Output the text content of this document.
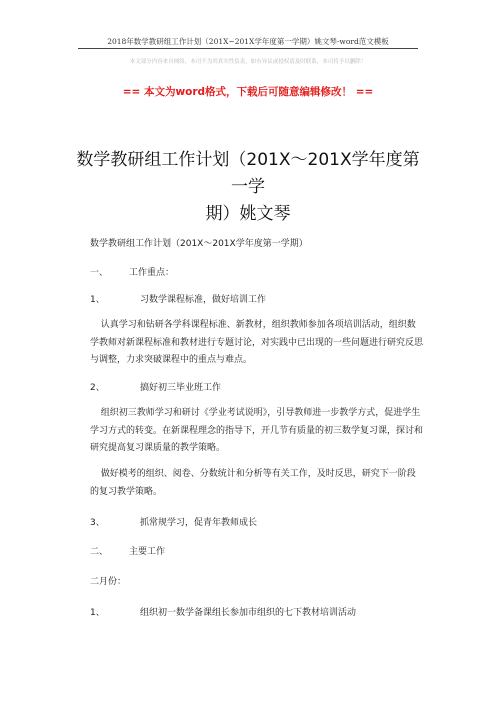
2018年数学教研组工作计划（201X~201X学年度第一学期）姚文琴-word范文模板
本文部分内容来自网络，本司不为其真实性负责，如有异议或侵权请及时联系，本司将予以删除！
== 本文为word格式，下载后可随意编辑修改！ ==
数学教研组工作计划（201X～201X学年度第一学
期）姚文琴
数学教研组工作计划（201X～201X学年度第一学期）
一、 工作重点：
1、	习数学课程标准，做好培训工作

认真学习和钻研各学科课程标准、新教材，组织教师参加各项培训活动，组织数学教师对新课程标准和教材进行专题讨论，对实践中已出现的一些问题进行研究反思与调整，力求突破课程中的重点与难点。

2、	搞好初三毕业班工作

组织初三教师学习和研讨《学业考试说明》，引导教师进一步教学方式，促进学生学习方式的转变。在新课程理念的指导下，开几节有质量的初三数学复习课，探讨和研究提高复习课质量的教学策略。

做好模考的组织、阅卷、分数统计和分析等有关工作，及时反思，研究下一阶段的复习教学策略。

3、	抓常规学习，促青年教师成长
二、 主要工作
二月份：
1、	组织初一数学备课组长参加市组织的七下教材培训活动
